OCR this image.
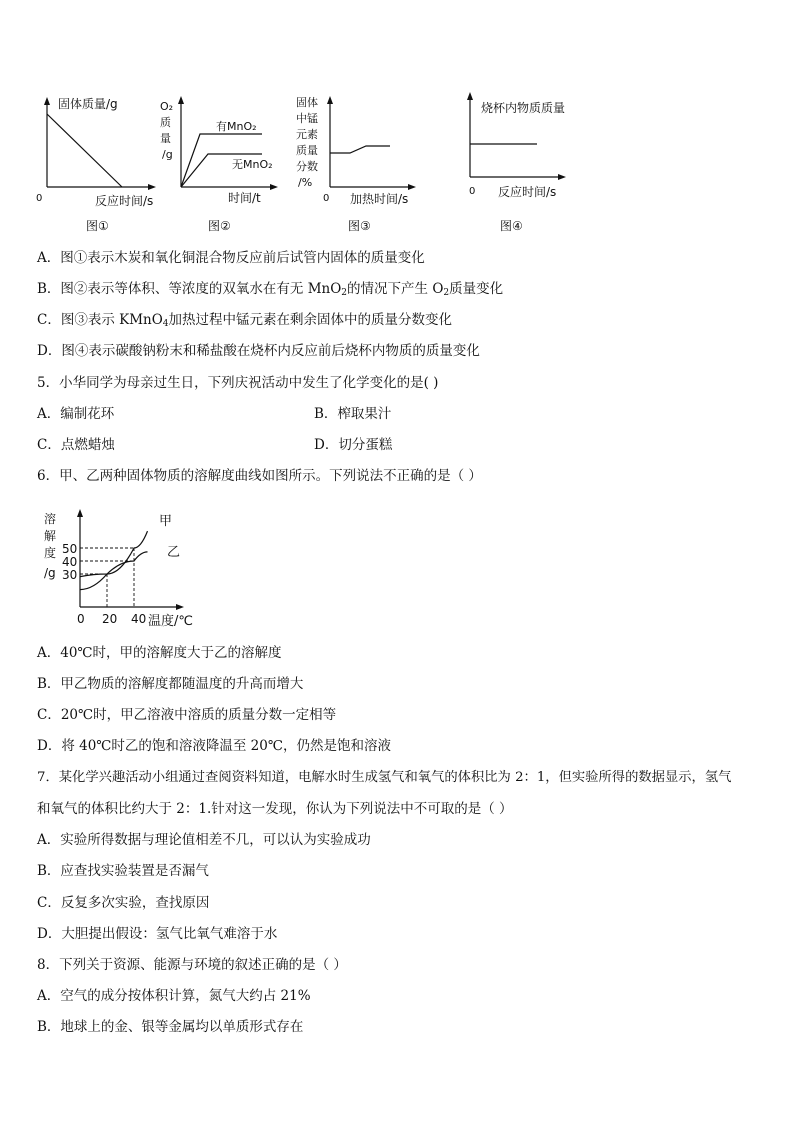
固体质量/g
0	反应时间/s
图①
O₂
质
量
/g
有MnO₂
无MnO₂
时间/t
图②
固体
中锰
元素
质量
分数
/%
0 加热时间/s
图③
烧杯内物质质量
0 反应时间/s
图④
A．图①表示木炭和氧化铜混合物反应前后试管内固体的质量变化
B．图②表示等体积、等浓度的双氧水在有无 MnO$_2$的情况下产生 $O_2$质量变化
C．图③表示 KMnO$_4$加热过程中锰元素在剩余固体中的质量分数变化
D．图④表示碳酸钠粉末和稀盐酸在烧杯内反应前后烧杯内物质的质量变化
5．小华同学为母亲过生日，下列庆祝活动中发生了化学变化的是( )
A．编制花环	B．榨取果汁
C．点燃蜡烛	D．切分蛋糕
6．甲、乙两种固体物质的溶解度曲线如图所示。下列说法不正确的是（ ）
溶
解
度
/g
0 20 40 温度/℃
50
40
30
甲
乙
A．40℃时，甲的溶解度大于乙的溶解度
B．甲乙物质的溶解度都随温度的升高而增大
C．20℃时，甲乙溶液中溶质的质量分数一定相等
D．将 40℃时乙的饱和溶液降温至 20℃，仍然是饱和溶液
7．某化学兴趣活动小组通过查阅资料知道，电解水时生成氢气和氧气的体积比为 2：1，但实验所得的数据显示，氢气
和氧气的体积比约大于 2：1.针对这一发现，你认为下列说法中不可取的是（ ）
A．实验所得数据与理论值相差不几，可以认为实验成功
B．应查找实验装置是否漏气
C．反复多次实验，查找原因
D．大胆提出假设：氢气比氧气难溶于水
8．下列关于资源、能源与环境的叙述正确的是（ ）
A．空气的成分按体积计算，氮气大约占 21%
B．地球上的金、银等金属均以单质形式存在
